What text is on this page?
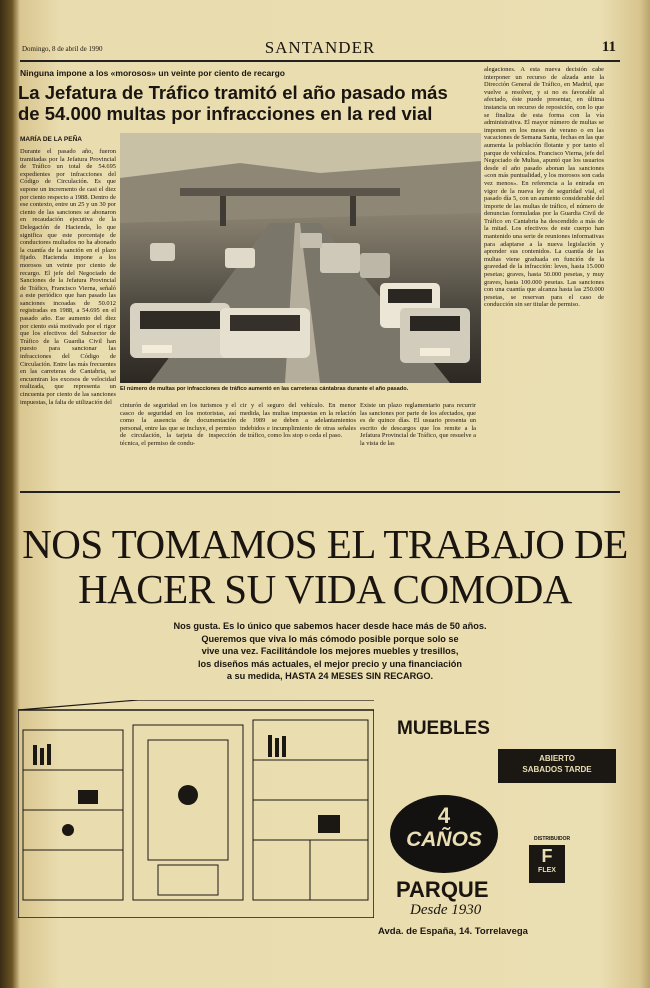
Domingo, 8 de abril de 1990	SANTANDER	11
Ninguna impone a los «morosos» un veinte por ciento de recargo
La Jefatura de Tráfico tramitó el año pasado más
de 54.000 multas por infracciones en la red vial
MARÍA DE LA PEÑA
Durante el pasado año, fueron tramitadas por la Jefatura Provincial de Tráfico un total de 54.695 expedientes por infracciones del Código de Circulación. Es que supone un incremento de casi el diez por ciento respecto a 1988. Dentro de ese contexto, entre un 25 y un 30 por ciento de las sanciones se abonaron en recaudación ejecutiva de la Delegación de Hacienda, lo que significa que este porcentaje de conductores multados no ha abonado la cuantía de la sanción en el plazo fijado. Hacienda impone a los morosos un veinte por ciento de recargo. El jefe del Negociado de Sanciones de la Jefatura Provincial de Tráfico, Francisco Vierna, señaló a este periódico que han pasado las sanciones incoadas de 50.012 registradas en 1988, a 54.695 en el pasado año. Ese aumento del diez por ciento está motivado por el rigor que los efectivos del Subsector de Tráfico de la Guardia Civil han puesto para sancionar las infracciones del Código de Circulación. Entre las más frecuentes en las carreteras de Cantabria, se encuentran los excesos de velocidad realizada, que representa un cincuenta por ciento de las sanciones impuestas, la falta de utilización del
El número de multas por infracciones de tráfico aumentó en las carreteras cántabras durante el año pasado.
cinturón de seguridad en los turismos y el casco de seguridad en los motoristas, así como la ausencia de documentación personal, entre las que se incluye, el permiso de circulación, la tarjeta de inspección técnica, el permiso de condu-
cir y el seguro del vehículo. En menor medida, las multas impuestas en la relación de 1989 se deben a adelantamientos indebidos e incumplimiento de otras señales de tráfico, como los stop o ceda el paso.
Existe un plazo reglamentario para recurrir las sanciones por parte de los afectados, que es de quince días. El usuario presenta un escrito de descargos que los remite a la Jefatura Provincial de Tráfico, que resuelve a la vista de las
alegaciones. A esta nueva decisión cabe interponer un recurso de alzada ante la Dirección General de Tráfico, en Madrid, que vuelve a resolver, y si no es favorable al afectado, éste puede presentar, en última instancia un recurso de reposición, con lo que se finaliza de esta forma con la vía administrativa. El mayor número de multas se imponen en los meses de verano o en las vacaciones de Semana Santa, fechas en las que aumenta la población flotante y por tanto el parque de vehículos. Francisco Vierna, jefe del Negociado de Multas, apuntó que los usuarios desde el año pasado abonan las sanciones «con más puntualidad, y los morosos son cada vez menos». En referencia a la entrada en vigor de la nueva ley de seguridad vial, el pasado día 5, con un aumento considerable del importe de las multas de tráfico, el número de denuncias formuladas por la Guardia Civil de Tráfico en Cantabria ha descendido a más de la mitad. Los efectivos de este cuerpo han mantenido una serie de reuniones informativas para adaptarse a la nueva legislación y aprender sus contenidos. La cuantía de las multas viene graduada en función de la gravedad de la infracción: leves, hasta 15.000 pesetas; graves, hasta 50.000 pesetas, y muy graves, hasta 100.000 pesetas. Las sanciones con una cuantía que alcanza hasta las 250.000 pesetas, se reservan para el caso de conducción sin ser titular de permiso.
NOS TOMAMOS EL TRABAJO DE
HACER SU VIDA COMODA
Nos gusta. Es lo único que sabemos hacer desde hace más de 50 años.
Queremos que viva lo más cómodo posible porque solo se
vive una vez. Facilitándole los mejores muebles y tresillos,
los diseños más actuales, el mejor precio y una financiación
a su medida, HASTA 24 MESES SIN RECARGO.
MUEBLES
ABIERTO
SABADOS TARDE
4
CAÑOS	DISTRIBUIDOR
F
FLEX
PARQUE
Desde 1930
Avda. de España, 14. Torrelavega
